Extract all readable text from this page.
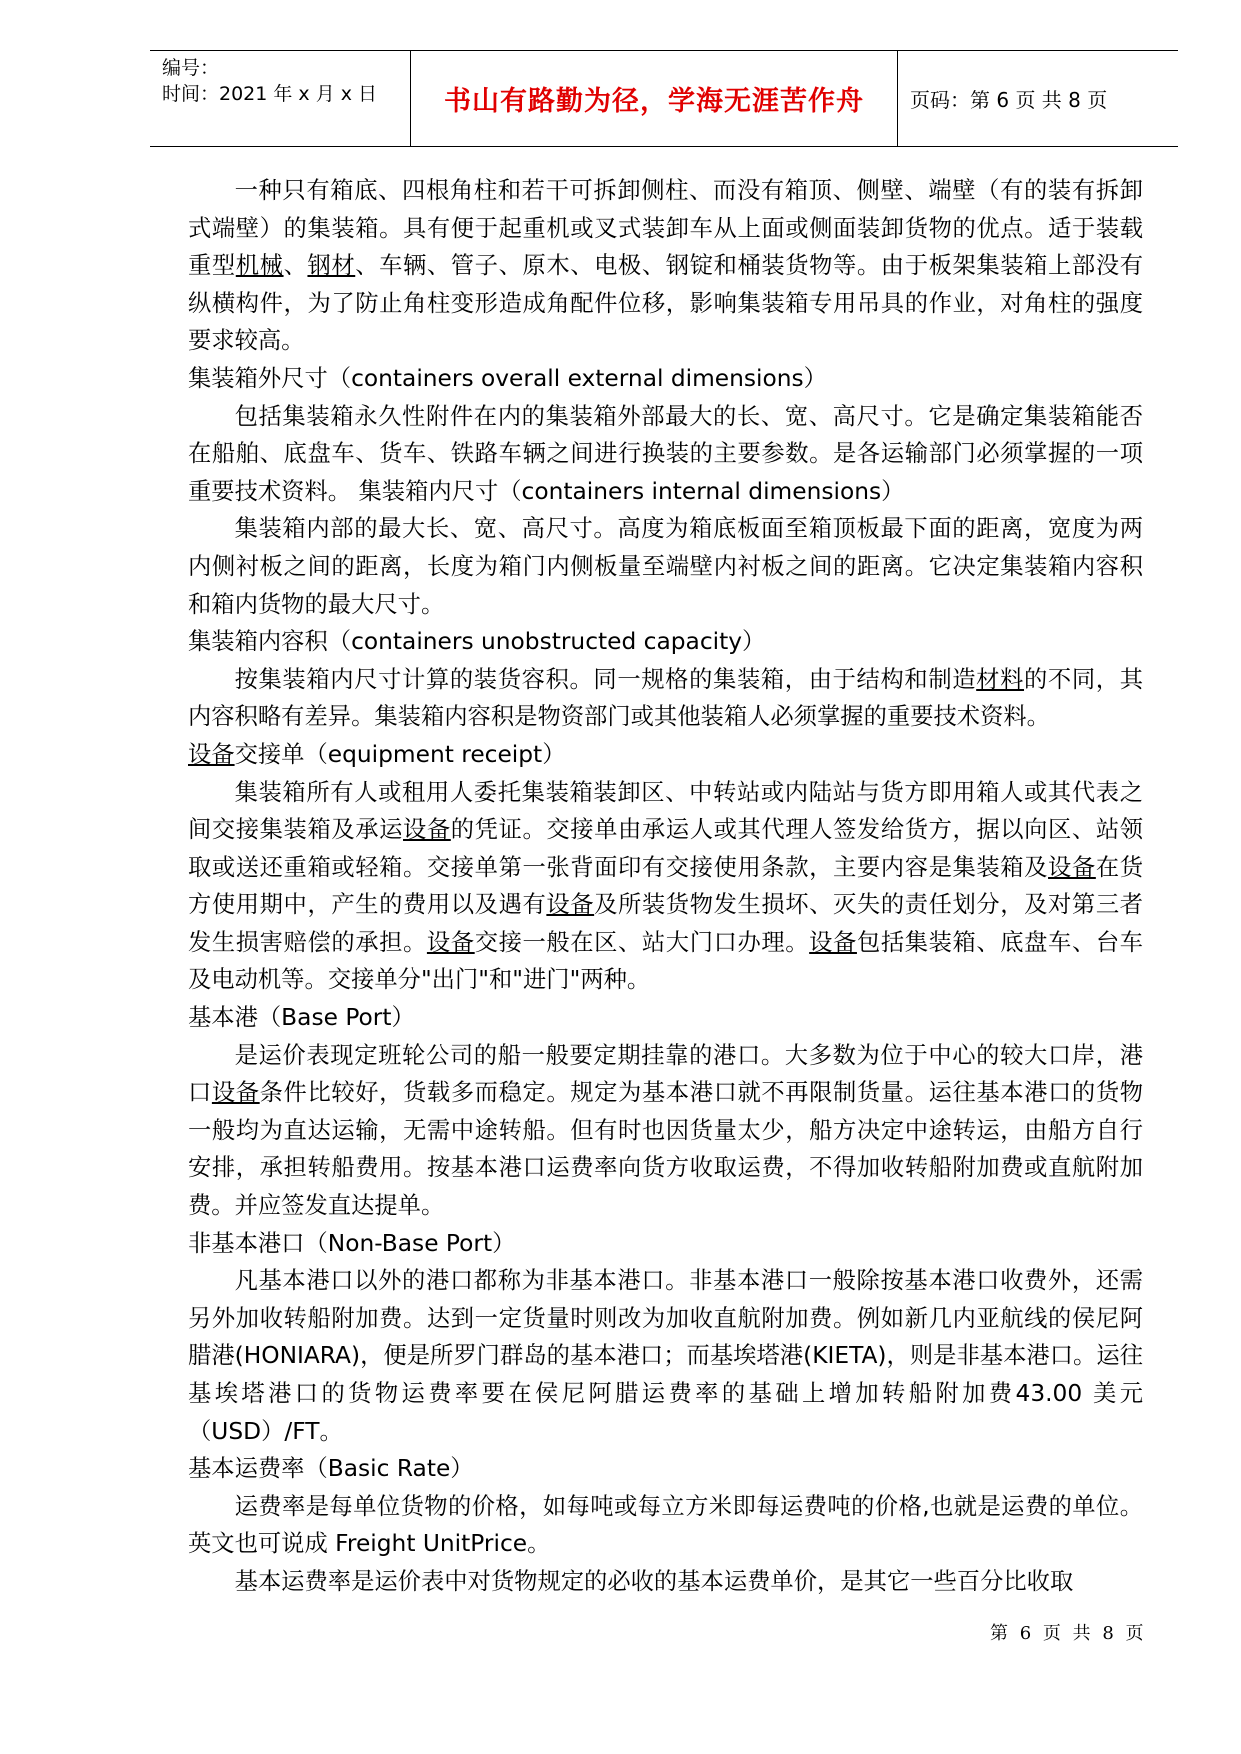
编号：
时间：2021 年 x 月 x 日 书山有路勤为径，学海无涯苦作舟 页码：第 6 页 共 8 页

一种只有箱底、四根角柱和若干可拆卸侧柱、而没有箱顶、侧壁、端壁（有的装有拆卸式端壁）的集装箱。具有便于起重机或叉式装卸车从上面或侧面装卸货物的优点。适于装载重型机械、钢材、车辆、管子、原木、电极、钢锭和桶装货物等。由于板架集装箱上部没有纵横构件，为了防止角柱变形造成角配件位移，影响集装箱专用吊具的作业，对角柱的强度要求较高。

集装箱外尺寸（containers overall external dimensions）

包括集装箱永久性附件在内的集装箱外部最大的长、宽、高尺寸。它是确定集装箱能否在船舶、底盘车、货车、铁路车辆之间进行换装的主要参数。是各运输部门必须掌握的一项重要技术资料。 集装箱内尺寸（containers internal dimensions）

集装箱内部的最大长、宽、高尺寸。高度为箱底板面至箱顶板最下面的距离，宽度为两内侧衬板之间的距离，长度为箱门内侧板量至端壁内衬板之间的距离。它决定集装箱内容积和箱内货物的最大尺寸。

集装箱内容积（containers unobstructed capacity）

按集装箱内尺寸计算的装货容积。同一规格的集装箱，由于结构和制造材料的不同，其内容积略有差异。集装箱内容积是物资部门或其他装箱人必须掌握的重要技术资料。

设备交接单（equipment receipt）

集装箱所有人或租用人委托集装箱装卸区、中转站或内陆站与货方即用箱人或其代表之间交接集装箱及承运设备的凭证。交接单由承运人或其代理人签发给货方，据以向区、站领取或送还重箱或轻箱。交接单第一张背面印有交接使用条款，主要内容是集装箱及设备在货方使用期中，产生的费用以及遇有设备及所装货物发生损坏、灭失的责任划分，及对第三者发生损害赔偿的承担。设备交接一般在区、站大门口办理。设备包括集装箱、底盘车、台车及电动机等。交接单分"出门"和"进门"两种。

基本港（Base Port）

是运价表现定班轮公司的船一般要定期挂靠的港口。大多数为位于中心的较大口岸，港口设备条件比较好，货载多而稳定。规定为基本港口就不再限制货量。运往基本港口的货物一般均为直达运输，无需中途转船。但有时也因货量太少，船方决定中途转运，由船方自行安排，承担转船费用。按基本港口运费率向货方收取运费，不得加收转船附加费或直航附加费。并应签发直达提单。

非基本港口（Non-Base Port）

凡基本港口以外的港口都称为非基本港口。非基本港口一般除按基本港口收费外，还需另外加收转船附加费。达到一定货量时则改为加收直航附加费。例如新几内亚航线的侯尼阿腊港(HONIARA)，便是所罗门群岛的基本港口；而基埃塔港(KIETA)，则是非基本港口。运往基埃塔港口的货物运费率要在侯尼阿腊运费率的基础上增加转船附加费43.00 美元（USD）/FT。

基本运费率（Basic Rate）

运费率是每单位货物的价格，如每吨或每立方米即每运费吨的价格,也就是运费的单位。英文也可说成 Freight UnitPrice。

基本运费率是运价表中对货物规定的必收的基本运费单价，是其它一些百分比收取

第 6 页 共 8 页
